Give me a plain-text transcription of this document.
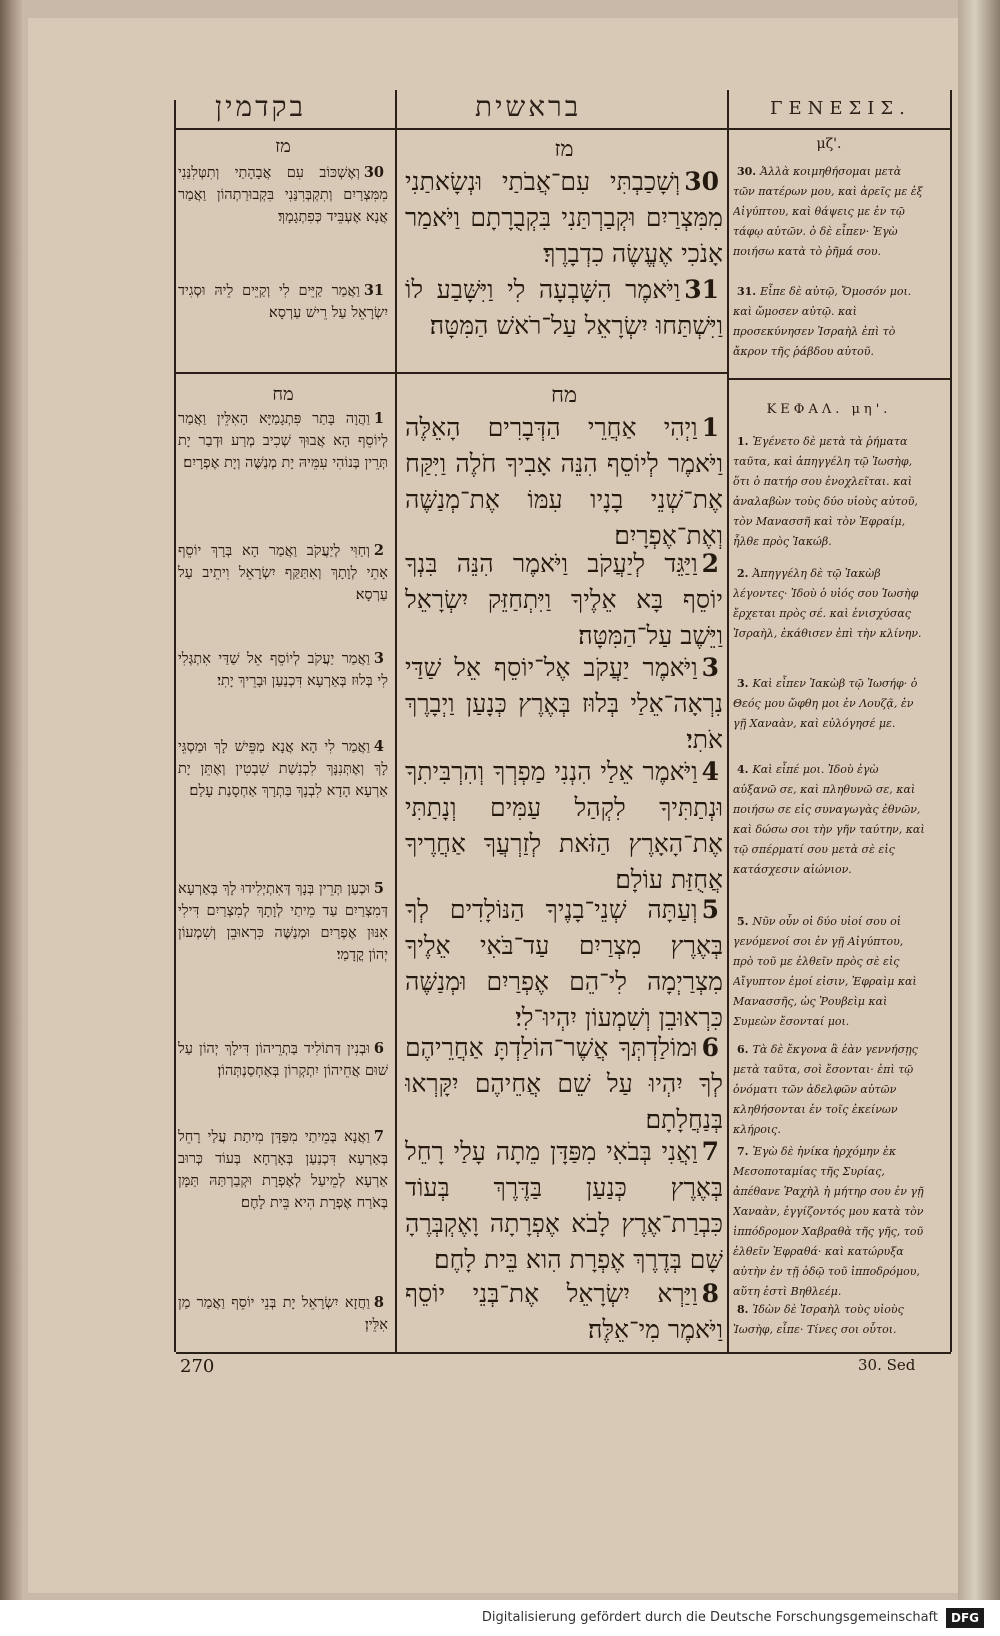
בקדמין	בראשית	ΓΕΝΕΣΙΣ.
מז
30וְאֶשְׁכּוֹב עִם אֲבָהָתַי וְתִטְּלִנַּנִי מִמִּצְרַיִם וְתִקְבְּרִנַּנִי בִּקְבוּרַתְהוֹן וַאֲמַר אֲנָא אֶעְבֵּיד כְּפִתְגָמָךְ׃
31וַאֲמַר קַיֵּים לִי וְקַיֵּים לֵיהּ וּסְגִיד יִשְׂרָאֵל עַל רֵישׁ עַרְסָא׃
מח
1וַהֲוָה בָּתַר פִּתְגָמַיָּא הָאִלֵּין וַאֲמַר לְיוֹסֵף הָא אֲבוּךְ שְׁכִיב מְרַע וּדְבַר יָת תְּרֵין בְּנוֹהִי עִמֵּיהּ יָת מְנַשֶּׁה וְיָת אֶפְרָיִם׃
2וְחַוִּי לְיַעֲקֹב וַאֲמַר הָא בְּרָךְ יוֹסֵף אָתֵי לְוָתָךְ וְאִתַּקַּף יִשְׂרָאֵל וִיתֵיב עַל עַרְסָא׃
3וַאֲמַר יַעֲקֹב לְיוֹסֵף אֵל שַׁדַּי אִתְגְּלִי לִי בְּלוּז בְּאַרְעָא דִּכְנַעַן וּבָרֵיךְ יָתִי׃
4וַאֲמַר לִי הָא אֲנָא מַפֵּישׁ לָךְ וּמַסְגֵּי לָךְ וְאֶתְּנִנָּךְ לִכְנִשַׁת שִׁבְטִין וְאֶתֵּן יָת אַרְעָא הָדָא לִבְנָךְ בַּתְרָךְ אַחְסָנַת עָלַם׃
5וּכְעַן תְּרֵין בְּנָךְ דְּאִתְיְלִידוּ לָךְ בְּאַרְעָא דְּמִצְרַיִם עַד מֵיתַי לְוָתָךְ לְמִצְרַיִם דִּילִי אִנּוּן אֶפְרַיִם וּמְנַשֶּׁה כִּרְאוּבֵן וְשִׁמְעוֹן יְהוֹן קֳדָמַי׃
6וּבְנִין דְּתוֹלִיד בַּתְרֵיהוֹן דִּילָךְ יְהוֹן עַל שׁוּם אֲחֵיהוֹן יִתְקְרוֹן בְּאַחְסַנְתְּהוֹן׃
7וַאֲנָא בְּמֵיתַי מִפַּדָּן מִיתַת עֲלַי רָחֵל בְּאַרְעָא דִּכְנַעַן בְּאָרְחָא בְּעוֹד כְּרוּב אַרְעָא לְמֵיעַל לְאֶפְרָת וּקְבַרְתַּהּ תַּמָּן בְּאֹרַח אֶפְרָת הִיא בֵּית לָחֶם׃
8וַחֲזָא יִשְׂרָאֵל יָת בְּנֵי יוֹסֵף וַאֲמַר מַן אִלֵּין׃
מז
30וְשָׁכַבְתִּי עִם־אֲבֹתַי וּנְשָׂאתַנִי מִמִּצְרַיִם וּקְבַרְתַּנִי בִּקְבֻרָתָם וַיֹּאמַר אָנֹכִי אֶעֱשֶׂה כִדְבָרֶךָ׃
31וַיֹּאמֶר הִשָּׁבְעָה לִי וַיִּשָּׁבַע לוֹ וַיִּשְׁתַּחוּ יִשְׂרָאֵל עַל־רֹאשׁ הַמִּטָּה׃
מח
1וַיְהִי אַחֲרֵי הַדְּבָרִים הָאֵלֶּה וַיֹּאמֶר לְיוֹסֵף הִנֵּה אָבִיךָ חֹלֶה וַיִּקַּח אֶת־שְׁנֵי בָנָיו עִמּוֹ אֶת־מְנַשֶּׁה וְאֶת־אֶפְרָיִם׃
2וַיַּגֵּד לְיַעֲקֹב וַיֹּאמֶר הִנֵּה בִּנְךָ יוֹסֵף בָּא אֵלֶיךָ וַיִּתְחַזֵּק יִשְׂרָאֵל וַיֵּשֶׁב עַל־הַמִּטָּה׃
3וַיֹּאמֶר יַעֲקֹב אֶל־יוֹסֵף אֵל שַׁדַּי נִרְאָה־אֵלַי בְּלוּז בְּאֶרֶץ כְּנָעַן וַיְבָרֶךְ אֹתִי׃
4וַיֹּאמֶר אֵלַי הִנְנִי מַפְרְךָ וְהִרְבִּיתִךָ וּנְתַתִּיךָ לִקְהַל עַמִּים וְנָתַתִּי אֶת־הָאָרֶץ הַזֹּאת לְזַרְעֲךָ אַחֲרֶיךָ אֲחֻזַּת עוֹלָם׃
5וְעַתָּה שְׁנֵי־בָנֶיךָ הַנּוֹלָדִים לְךָ בְּאֶרֶץ מִצְרַיִם עַד־בֹּאִי אֵלֶיךָ מִצְרַיְמָה לִי־הֵם אֶפְרַיִם וּמְנַשֶּׁה כִּרְאוּבֵן וְשִׁמְעוֹן יִהְיוּ־לִי׃
6וּמוֹלַדְתְּךָ אֲשֶׁר־הוֹלַדְתָּ אַחֲרֵיהֶם לְךָ יִהְיוּ עַל שֵׁם אֲחֵיהֶם יִקָּרְאוּ בְּנַחֲלָתָם׃
7וַאֲנִי בְּבֹאִי מִפַּדָּן מֵתָה עָלַי רָחֵל בְּאֶרֶץ כְּנַעַן בַּדֶּרֶךְ בְּעוֹד כִּבְרַת־אֶרֶץ לָבֹא אֶפְרָתָה וָאֶקְבְּרֶהָ שָּׁם בְּדֶרֶךְ אֶפְרָת הִוא בֵּית לָחֶם׃
8וַיַּרְא יִשְׂרָאֵל אֶת־בְּנֵי יוֹסֵף וַיֹּאמֶר מִי־אֵלֶּה׃
μζ'.
30. Ἀλλὰ κοιμηθήσομαι μετὰ τῶν πατέρων μου, καὶ ἀρεῖς με ἐξ Αἰγύπτου, καὶ θάψεις με ἐν τῷ τάφῳ αὐτῶν. ὁ δὲ εἶπεν· Ἐγὼ ποιήσω κατὰ τὸ ῥῆμά σου.
31. Εἶπε δὲ αὐτῷ, Ὄμοσόν μοι. καὶ ὤμοσεν αὐτῷ. καὶ προσεκύνησεν Ἰσραὴλ ἐπὶ τὸ ἄκρον τῆς ῥάβδου αὐτοῦ.
ΚΕΦΑΛ. μη'.
1. Ἐγένετο δὲ μετὰ τὰ ῥήματα ταῦτα, καὶ ἀπηγγέλη τῷ Ἰωσὴφ, ὅτι ὁ πατήρ σου ἐνοχλεῖται. καὶ ἀναλαβὼν τοὺς δύο υἱοὺς αὐτοῦ, τὸν Μανασσῆ καὶ τὸν Ἐφραίμ, ἦλθε πρὸς Ἰακώβ.
2. Ἀπηγγέλη δὲ τῷ Ἰακὼβ λέγοντες· Ἰδοὺ ὁ υἱός σου Ἰωσὴφ ἔρχεται πρὸς σέ. καὶ ἐνισχύσας Ἰσραὴλ, ἐκάθισεν ἐπὶ τὴν κλίνην.
3. Καὶ εἶπεν Ἰακὼβ τῷ Ἰωσήφ· ὁ Θεός μου ὤφθη μοι ἐν Λουζᾷ, ἐν γῇ Χαναὰν, καὶ εὐλόγησέ με.
4. Καὶ εἶπέ μοι. Ἰδοὺ ἐγὼ αὐξανῶ σε, καὶ πληθυνῶ σε, καὶ ποιήσω σε εἰς συναγωγὰς ἐθνῶν, καὶ δώσω σοι τὴν γῆν ταύτην, καὶ τῷ σπέρματί σου μετὰ σὲ εἰς κατάσχεσιν αἰώνιον.
5. Νῦν οὖν οἱ δύο υἱοί σου οἱ γενόμενοί σοι ἐν γῇ Αἰγύπτου, πρὸ τοῦ με ἐλθεῖν πρὸς σὲ εἰς Αἴγυπτον ἐμοί εἰσιν, Ἐφραὶμ καὶ Μανασσῆς, ὡς Ῥουβεὶμ καὶ Συμεὼν ἔσονταί μοι.
6. Τὰ δὲ ἔκγονα ἃ ἐὰν γεννήσῃς μετὰ ταῦτα, σοὶ ἔσονται· ἐπὶ τῷ ὀνόματι τῶν ἀδελφῶν αὐτῶν κληθήσονται ἐν τοῖς ἐκείνων κλήροις.
7. Ἐγὼ δὲ ἡνίκα ἠρχόμην ἐκ Μεσοποταμίας τῆς Συρίας, ἀπέθανε Ῥαχὴλ ἡ μήτηρ σου ἐν γῇ Χαναὰν, ἐγγίζοντός μου κατὰ τὸν ἱππόδρομον Χαβραθὰ τῆς γῆς, τοῦ ἐλθεῖν Ἐφραθά· καὶ κατώρυξα αὐτὴν ἐν τῇ ὁδῷ τοῦ ἱπποδρόμου, αὕτη ἐστὶ Βηθλεέμ.
8. Ἰδὼν δὲ Ἰσραὴλ τοὺς υἱοὺς Ἰωσὴφ, εἶπε· Τίνες σοι οὗτοι.
270	30. Sed
Digitalisierung gefördert durch die Deutsche Forschungsgemeinschaft	DFG
